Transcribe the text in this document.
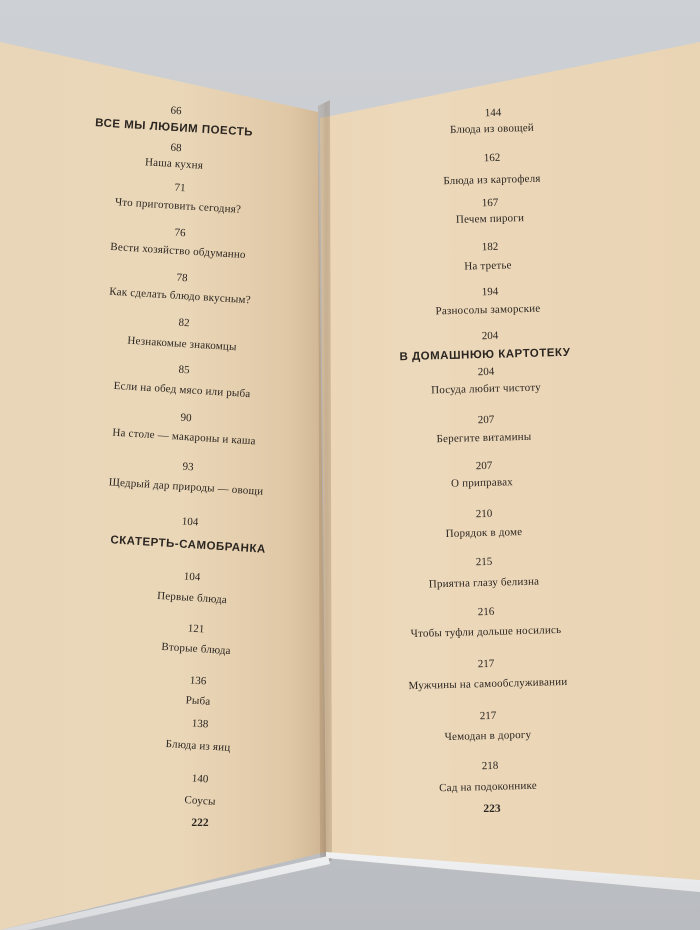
66
ВСЕ МЫ ЛЮБИМ ПОЕСТЬ
68
Наша кухня
71
Что приготовить сегодня?
76
Вести хозяйство обдуманно
78
Как сделать блюдо вкусным?
82
Незнакомые знакомцы
85
Если на обед мясо или рыба
90
На столе — макароны и каша
93
Щедрый дар природы — овощи
104
СКАТЕРТЬ-САМОБРАНКА
104
Первые блюда
121
Вторые блюда
136
Рыба
138
Блюда из яиц
140
Соусы
222
144
Блюда из овощей
162
Блюда из картофеля
167
Печем пироги
182
На третье
194
Разносолы заморские
204
В ДОМАШНЮЮ КАРТОТЕКУ
204
Посуда любит чистоту
207
Берегите витамины
207
О приправах
210
Порядок в доме
215
Приятна глазу белизна
216
Чтобы туфли дольше носились
217
Мужчины на самообслуживании
217
Чемодан в дорогу
218
Сад на подоконнике
223
